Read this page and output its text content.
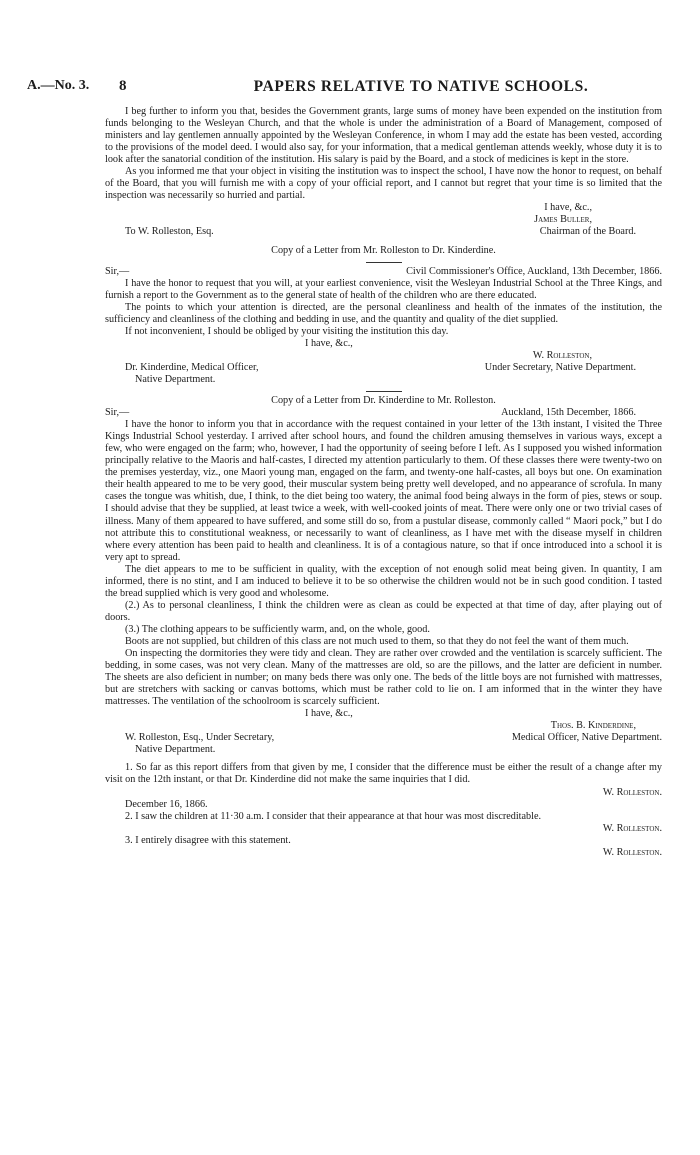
A.—No. 3. 8	PAPERS RELATIVE TO NATIVE SCHOOLS.

I beg further to inform you that, besides the Government grants, large sums of money have been expended on the institution from funds belonging to the Wesleyan Church, and that the whole is under the administration of a Board of Management, composed of ministers and lay gentlemen annually appointed by the Wesleyan Conference, in whom I may add the estate has been vested, according to the provisions of the model deed. I would also say, for your information, that a medical gentleman attends weekly, whose duty it is to look after the sanatorial condition of the institution. His salary is paid by the Board, and a stock of medicines is kept in the store.

As you informed me that your object in visiting the institution was to inspect the school, I have now the honor to request, on behalf of the Board, that you will furnish me with a copy of your official report, and I cannot but regret that your time is so limited that the inspection was necessarily so hurried and partial.

I have, &c.,
James Buller,
To W. Rolleston, Esq.	Chairman of the Board.
Copy of a Letter from Mr. Rolleston to Dr. Kinderdine.
Sir,—	Civil Commissioner's Office, Auckland, 13th December, 1866.

I have the honor to request that you will, at your earliest convenience, visit the Wesleyan Industrial School at the Three Kings, and furnish a report to the Government as to the general state of health of the children who are there educated.

The points to which your attention is directed, are the personal cleanliness and health of the inmates of the institution, the sufficiency and cleanliness of the clothing and bedding in use, and the quantity and quality of the diet supplied.

If not inconvenient, I should be obliged by your visiting the institution this day.

I have, &c.,
W. Rolleston,
Dr. Kinderdine, Medical Officer,	Under Secretary, Native Department.
Native Department.
Copy of a Letter from Dr. Kinderdine to Mr. Rolleston.
Sir,—	Auckland, 15th December, 1866.

I have the honor to inform you that in accordance with the request contained in your letter of the 13th instant, I visited the Three Kings Industrial School yesterday. I arrived after school hours, and found the children amusing themselves in various ways, except a few, who were engaged on the farm; who, however, I had the opportunity of seeing before I left. As I supposed you wished information principally relative to the Maoris and half-castes, I directed my attention particularly to them. Of these classes there were twenty-two on the premises yesterday, viz., one Maori young man, engaged on the farm, and twenty-one half-castes, all boys but one. On examination their health appeared to me to be very good, their muscular system being pretty well developed, and no appearance of scrofula. In many cases the tongue was whitish, due, I think, to the diet being too watery, the animal food being always in the form of pies, stews or soup. I should advise that they be supplied, at least twice a week, with well-cooked joints of meat. There were only one or two trivial cases of illness. Many of them appeared to have suffered, and some still do so, from a pustular disease, commonly called “ Maori pock,” but I do not attribute this to constitutional weakness, or necessarily to want of cleanliness, as I have met with the disease myself in children where every attention has been paid to health and cleanliness. It is of a contagious nature, so that if once introduced into a school it is very apt to spread.

The diet appears to me to be sufficient in quality, with the exception of not enough solid meat being given. In quantity, I am informed, there is no stint, and I am induced to believe it to be so otherwise the children would not be in such good condition. I tasted the bread supplied which is very good and wholesome.

(2.) As to personal cleanliness, I think the children were as clean as could be expected at that time of day, after playing out of doors.

(3.) The clothing appears to be sufficiently warm, and, on the whole, good.

Boots are not supplied, but children of this class are not much used to them, so that they do not feel the want of them much.

On inspecting the dormitories they were tidy and clean. They are rather over crowded and the ventilation is scarcely sufficient. The bedding, in some cases, was not very clean. Many of the mattresses are old, so are the pillows, and the latter are deficient in number. The sheets are also deficient in number; on many beds there was only one. The beds of the little boys are not furnished with mattresses, but are stretchers with sacking or canvas bottoms, which must be rather cold to lie on. I am informed that in the winter they have mattresses. The ventilation of the schoolroom is scarcely sufficient.

I have, &c.,
Thos. B. Kinderdine,
W. Rolleston, Esq., Under Secretary,	Medical Officer, Native Department.
Native Department.

1. So far as this report differs from that given by me, I consider that the difference must be either the result of a change after my visit on the 12th instant, or that Dr. Kinderdine did not make the same inquiries that I did.

W. Rolleston.
December 16, 1866.

2. I saw the children at 11·30 a.m. I consider that their appearance at that hour was most discreditable.

W. Rolleston.

3. I entirely disagree with this statement.

W. Rolleston.
